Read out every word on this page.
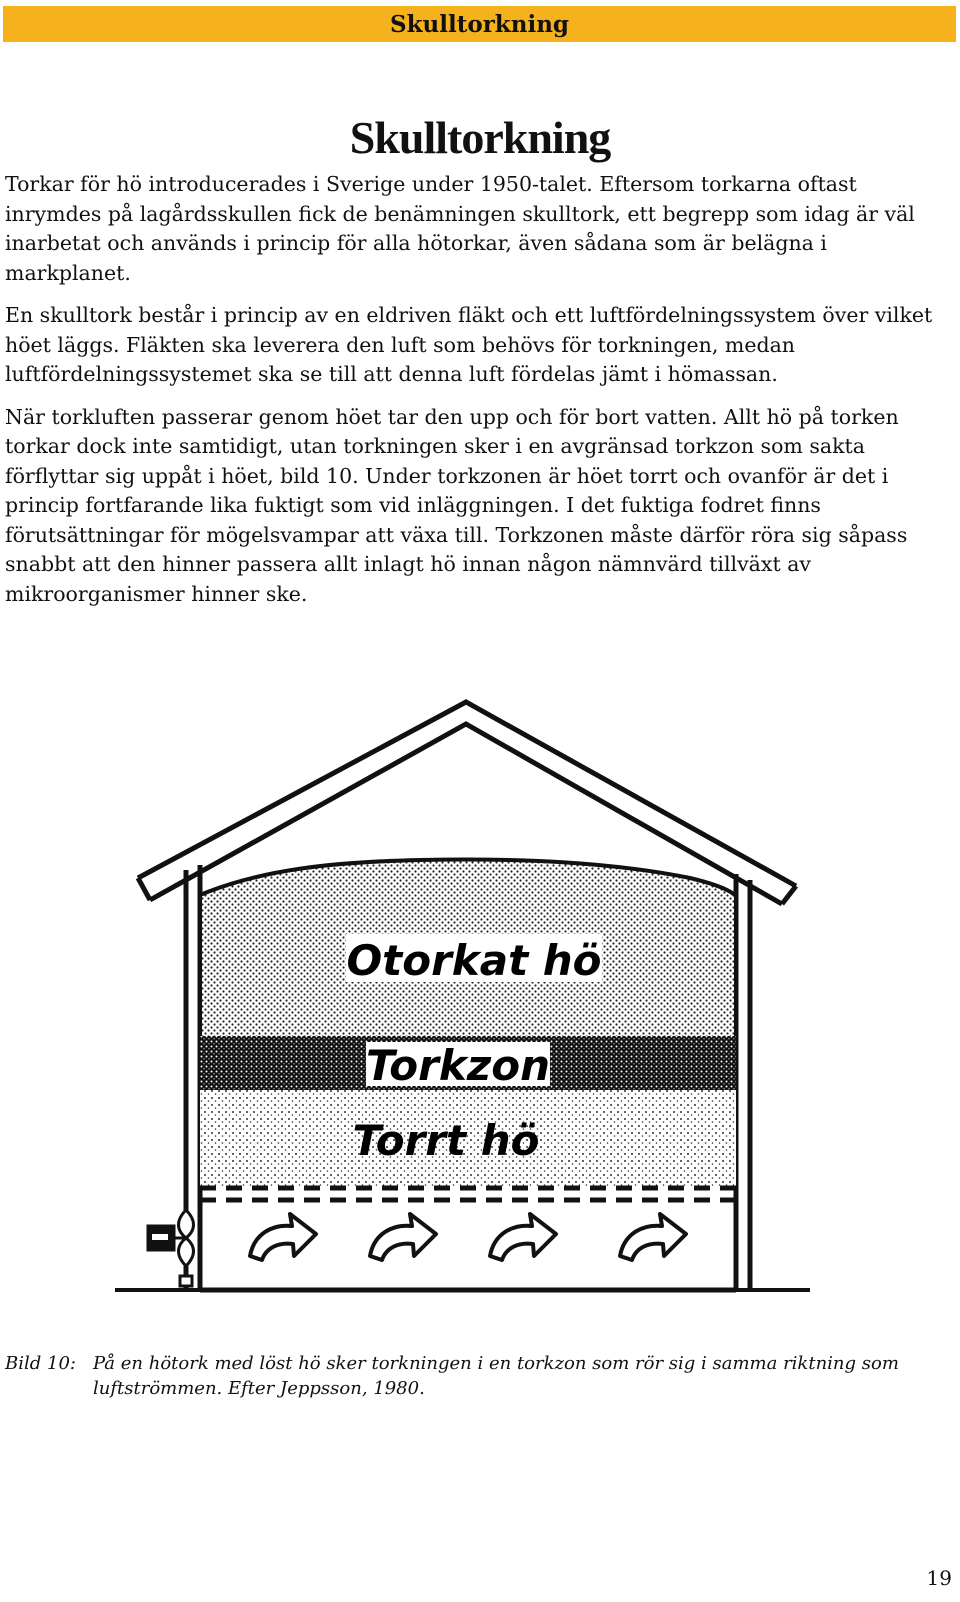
Skulltorkning
Skulltorkning

Torkar för hö introducerades i Sverige under 1950-talet. Eftersom torkarna oftast inrymdes på lagårdsskullen fick de benämningen skulltork, ett begrepp som idag är väl inarbetat och används i princip för alla hötorkar, även sådana som är belägna i markplanet.

En skulltork består i princip av en eldriven fläkt och ett luftfördelningssystem över vilket höet läggs. Fläkten ska leverera den luft som behövs för torkningen, medan luftfördelningssystemet ska se till att denna luft fördelas jämt i hömassan.

När torkluften passerar genom höet tar den upp och för bort vatten. Allt hö på torken torkar dock inte samtidigt, utan torkningen sker i en avgränsad torkzon som sakta förflyttar sig uppåt i höet, bild 10. Under torkzonen är höet torrt och ovanför är det i princip fortfarande lika fuktigt som vid inläggningen. I det fuktiga fodret finns förutsättningar för mögelsvampar att växa till. Torkzonen måste därför röra sig såpass snabbt att den hinner passera allt inlagt hö innan någon nämnvärd tillväxt av mikroorganismer hinner ske.

Otorkat hö
Torkzon
Torrt hö
Bild 10: På en hötork med löst hö sker torkningen i en torkzon som rör sig i samma riktning som luftströmmen. Efter Jeppsson, 1980.
19
